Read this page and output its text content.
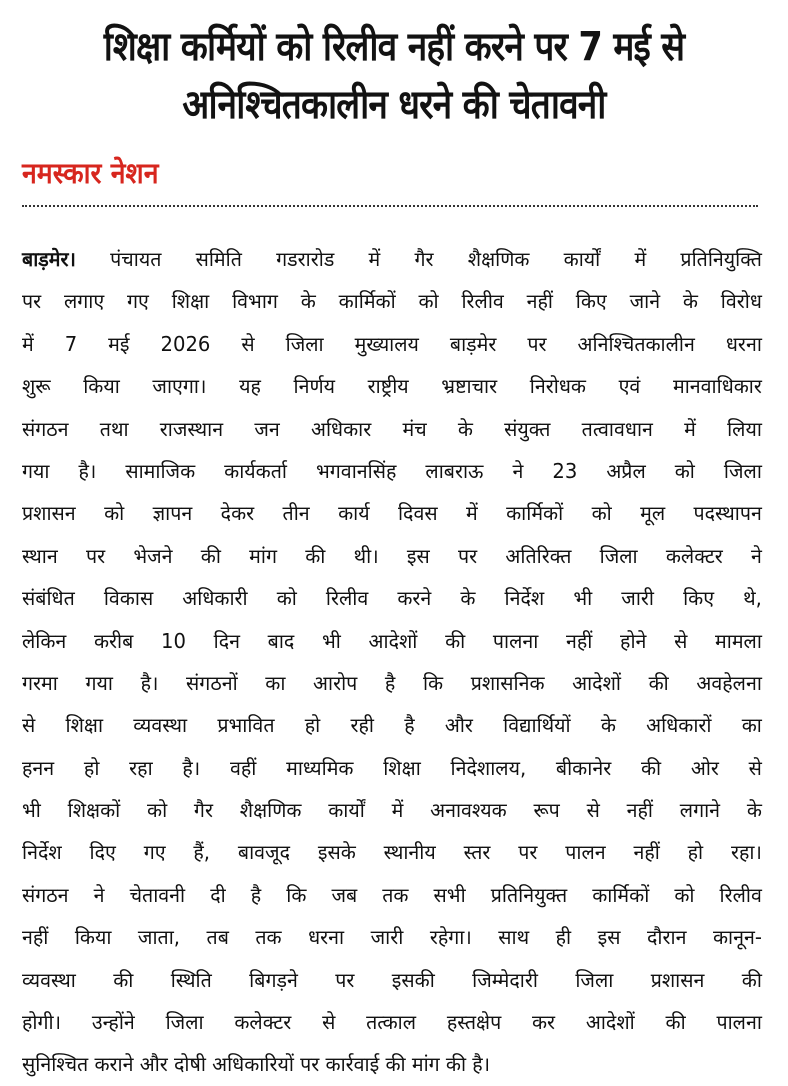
शिक्षा कर्मियों को रिलीव नहीं करने पर 7 मई से
अनिश्चितकालीन धरने की चेतावनी
नमस्कार नेशन
बाड़मेर। पंचायत समिति गडरारोड में गैर शैक्षणिक कार्यों में प्रतिनियुक्ति
पर लगाए गए शिक्षा विभाग के कार्मिकों को रिलीव नहीं किए जाने के विरोध
में 7 मई 2026 से जिला मुख्यालय बाड़मेर पर अनिश्चितकालीन धरना
शुरू किया जाएगा। यह निर्णय राष्ट्रीय भ्रष्टाचार निरोधक एवं मानवाधिकार
संगठन तथा राजस्थान जन अधिकार मंच के संयुक्त तत्वावधान में लिया
गया है। सामाजिक कार्यकर्ता भगवानसिंह लाबराऊ ने 23 अप्रैल को जिला
प्रशासन को ज्ञापन देकर तीन कार्य दिवस में कार्मिकों को मूल पदस्थापन
स्थान पर भेजने की मांग की थी। इस पर अतिरिक्त जिला कलेक्टर ने
संबंधित विकास अधिकारी को रिलीव करने के निर्देश भी जारी किए थे,
लेकिन करीब 10 दिन बाद भी आदेशों की पालना नहीं होने से मामला
गरमा गया है। संगठनों का आरोप है कि प्रशासनिक आदेशों की अवहेलना
से शिक्षा व्यवस्था प्रभावित हो रही है और विद्यार्थियों के अधिकारों का
हनन हो रहा है। वहीं माध्यमिक शिक्षा निदेशालय, बीकानेर की ओर से
भी शिक्षकों को गैर शैक्षणिक कार्यों में अनावश्यक रूप से नहीं लगाने के
निर्देश दिए गए हैं, बावजूद इसके स्थानीय स्तर पर पालन नहीं हो रहा।
संगठन ने चेतावनी दी है कि जब तक सभी प्रतिनियुक्त कार्मिकों को रिलीव
नहीं किया जाता, तब तक धरना जारी रहेगा। साथ ही इस दौरान कानून-
व्यवस्था की स्थिति बिगड़ने पर इसकी जिम्मेदारी जिला प्रशासन की
होगी। उन्होंने जिला कलेक्टर से तत्काल हस्तक्षेप कर आदेशों की पालना
सुनिश्चित कराने और दोषी अधिकारियों पर कार्रवाई की मांग की है।
